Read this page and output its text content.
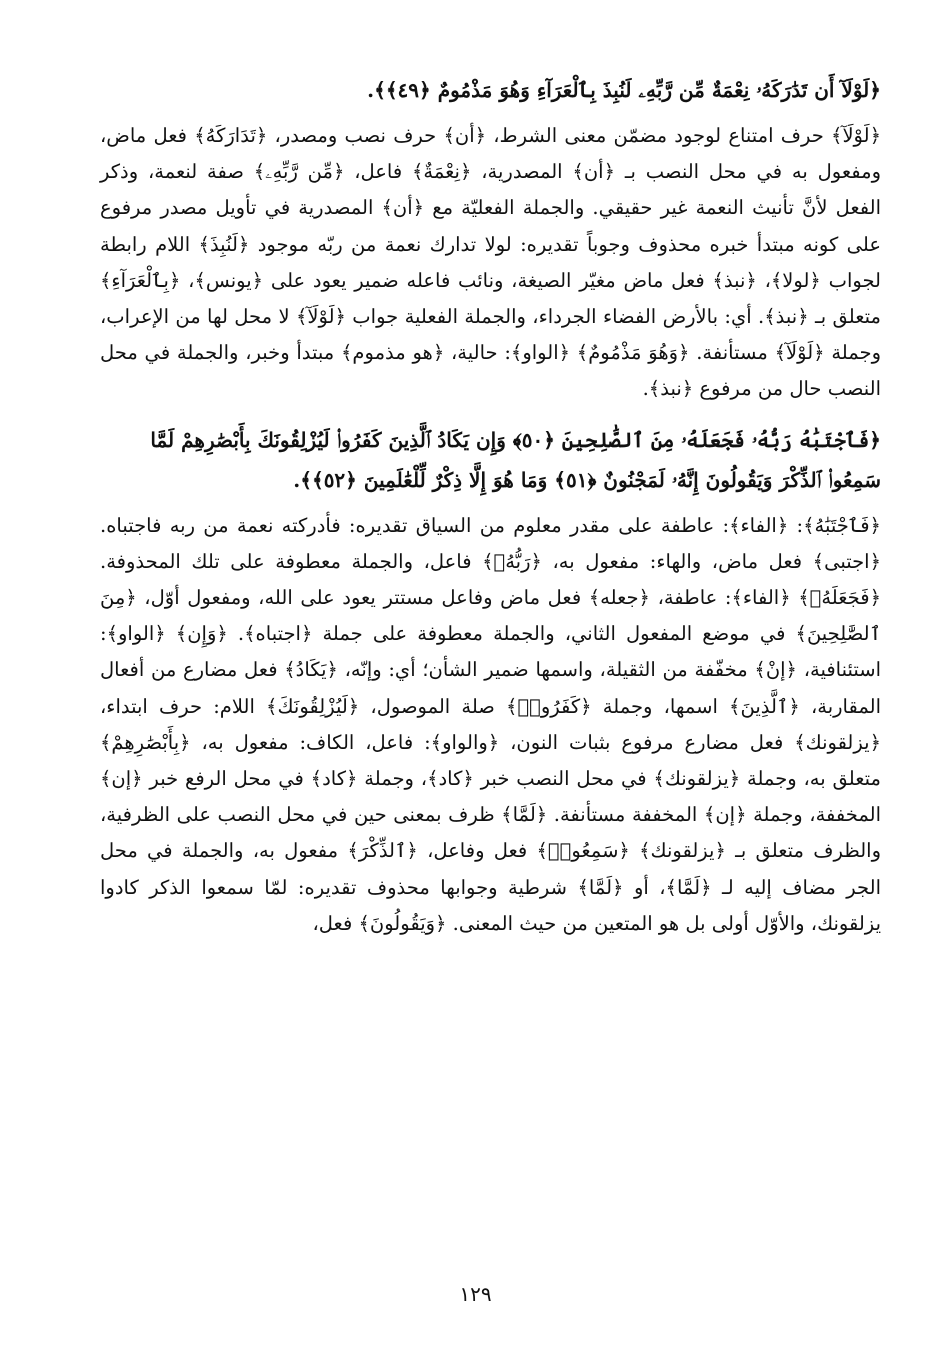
﴿لَوْلَآ أَن تَدَٰرَكَهُۥ نِعْمَةٌ مِّن رَّبِّهِۦ لَنُبِذَ بِٱلْعَرَآءِ وَهُوَ مَذْمُومٌ ﴿٤٩﴾﴾.

﴿لَوْلَآ﴾ حرف امتناع لوجود مضمّن معنى الشرط، ﴿أن﴾ حرف نصب ومصدر، ﴿تَدَارَكَهُ﴾ فعل ماض، ومفعول به في محل النصب بـ ﴿أن﴾ المصدرية، ﴿نِعْمَةٌ﴾ فاعل، ﴿مِّن رَّبِّهِۦ﴾ صفة لنعمة، وذكر الفعل لأنَّ تأنيث النعمة غير حقيقي. والجملة الفعليّة مع ﴿أن﴾ المصدرية في تأويل مصدر مرفوع على كونه مبتدأ خبره محذوف وجوباً تقديره: لولا تدارك نعمة من ربّه موجود ﴿لَنُبِذَ﴾ اللام رابطة لجواب ﴿لولا﴾، ﴿نبذ﴾ فعل ماض مغيّر الصيغة، ونائب فاعله ضمير يعود على ﴿يونس﴾، ﴿بِٱلْعَرَآءِ﴾ متعلق بـ ﴿نبذ﴾. أي: بالأرض الفضاء الجرداء، والجملة الفعلية جواب ﴿لَوْلَآ﴾ لا محل لها من الإعراب، وجملة ﴿لَوْلَآ﴾ مستأنفة. ﴿وَهُوَ مَذْمُومٌ﴾ ﴿الواو﴾: حالية، ﴿هو مذموم﴾ مبتدأ وخبر، والجملة في محل النصب حال من مرفوع ﴿نبذ﴾.

﴿فَٱجْتَبَٰهُ رَبُّهُۥ فَجَعَلَهُۥ مِنَ ٱلصَّٰلِحِينَ ﴿٥٠﴾ وَإِن يَكَادُ ٱلَّذِينَ كَفَرُوا۟ لَيُزْلِقُونَكَ بِأَبْصَٰرِهِمْ لَمَّا سَمِعُوا۟ ٱلذِّكْرَ وَيَقُولُونَ إِنَّهُۥ لَمَجْنُونٌ ﴿٥١﴾ وَمَا هُوَ إِلَّا ذِكْرٌ لِّلْعَٰلَمِينَ ﴿٥٢﴾﴾.

﴿فَٱجْتَبَٰهُ﴾: ﴿الفاء﴾: عاطفة على مقدر معلوم من السياق تقديره: فأدركته نعمة من ربه فاجتباه. ﴿اجتبى﴾ فعل ماض، والهاء: مفعول به، ﴿رَبُّهُۥ﴾ فاعل، والجملة معطوفة على تلك المحذوفة. ﴿فَجَعَلَهُۥ﴾ ﴿الفاء﴾: عاطفة، ﴿جعله﴾ فعل ماض وفاعل مستتر يعود على الله، ومفعول أوّل، ﴿مِنَ ٱلصَّٰلِحِينَ﴾ في موضع المفعول الثاني، والجملة معطوفة على جملة ﴿اجتباه﴾. ﴿وَإِن﴾ ﴿الواو﴾: استئنافية، ﴿إنْ﴾ مخفّفة من الثقيلة، واسمها ضمير الشأن؛ أي: وإنّه، ﴿يَكَادُ﴾ فعل مضارع من أفعال المقاربة، ﴿ٱلَّذِينَ﴾ اسمها، وجملة ﴿كَفَرُوا۟﴾ صلة الموصول، ﴿لَيُزْلِقُونَكَ﴾ اللام: حرف ابتداء، ﴿يزلقونك﴾ فعل مضارع مرفوع بثبات النون، ﴿والواو﴾: فاعل، الكاف: مفعول به، ﴿بِأَبْصَٰرِهِمْ﴾ متعلق به، وجملة ﴿يزلقونك﴾ في محل النصب خبر ﴿كاد﴾، وجملة ﴿كاد﴾ في محل الرفع خبر ﴿إن﴾ المخففة، وجملة ﴿إن﴾ المخففة مستأنفة. ﴿لَمَّا﴾ ظرف بمعنى حين في محل النصب على الظرفية، والظرف متعلق بـ ﴿يزلقونك﴾ ﴿سَمِعُوا۟﴾ فعل وفاعل، ﴿ٱلذِّكْرَ﴾ مفعول به، والجملة في محل الجر مضاف إليه لـ ﴿لَمَّا﴾، أو ﴿لَمَّا﴾ شرطية وجوابها محذوف تقديره: لمّا سمعوا الذكر كادوا يزلقونك، والأوّل أولى بل هو المتعين من حيث المعنى. ﴿وَيَقُولُونَ﴾ فعل،

١٢٩
